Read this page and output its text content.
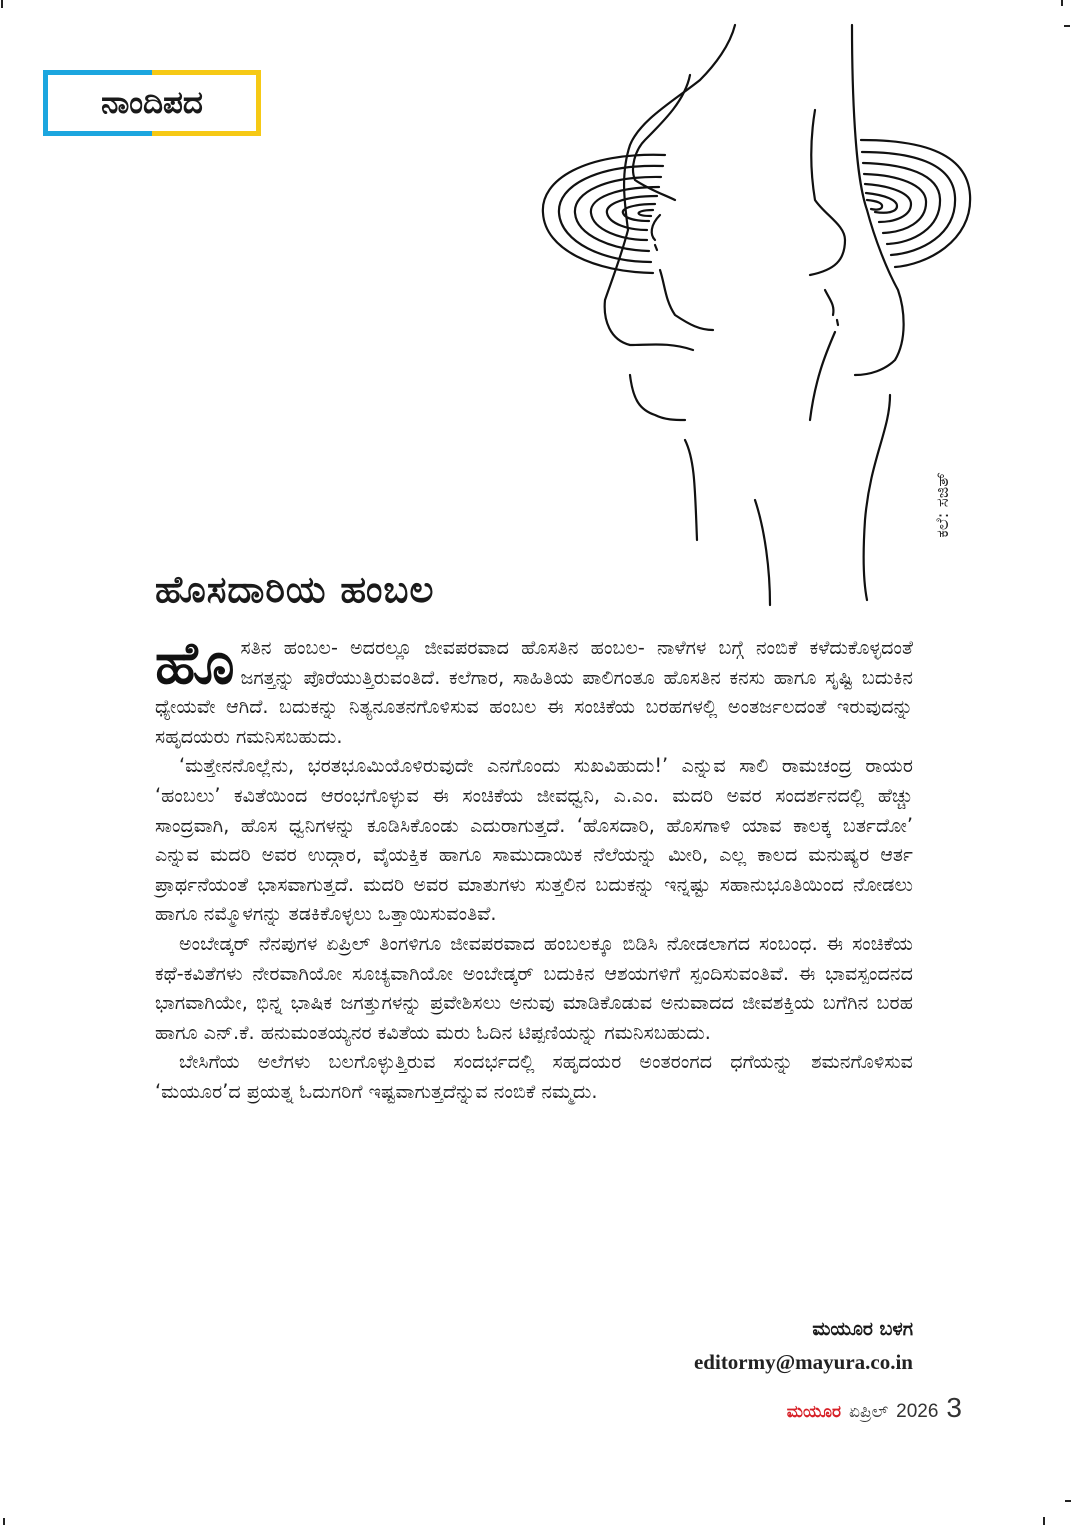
ನಾಂದಿಪದ
ಕಲೆ: ಸಜಿತ್
ಹೊಸದಾರಿಯ ಹಂಬಲ

ಹೊಸತಿನ ಹಂಬಲ- ಅದರಲ್ಲೂ ಜೀವಪರವಾದ ಹೊಸತಿನ ಹಂಬಲ- ನಾಳೆಗಳ ಬಗ್ಗೆ ನಂಬಿಕೆ ಕಳೆದುಕೊಳ್ಳದಂತೆ ಜಗತ್ತನ್ನು ಪೊರೆಯುತ್ತಿರುವಂತಿದೆ. ಕಲೆಗಾರ, ಸಾಹಿತಿಯ ಪಾಲಿಗಂತೂ ಹೊಸತಿನ ಕನಸು ಹಾಗೂ ಸೃಷ್ಟಿ ಬದುಕಿನ ಧ್ಯೇಯವೇ ಆಗಿದೆ. ಬದುಕನ್ನು ನಿತ್ಯನೂತನಗೊಳಿಸುವ ಹಂಬಲ ಈ ಸಂಚಿಕೆಯ ಬರಹಗಳಲ್ಲಿ ಅಂತರ್ಜಲದಂತೆ ಇರುವುದನ್ನು ಸಹೃದಯರು ಗಮನಿಸಬಹುದು.

‘ಮತ್ತೇನನೊಲ್ಲೆನು, ಭರತಭೂಮಿಯೊಳಿರುವುದೇ ಎನಗೊಂದು ಸುಖವಿಹುದು!’ ಎನ್ನುವ ಸಾಲಿ ರಾಮಚಂದ್ರ ರಾಯರ ‘ಹಂಬಲು’ ಕವಿತೆಯಿಂದ ಆರಂಭಗೊಳ್ಳುವ ಈ ಸಂಚಿಕೆಯ ಜೀವಧ್ವನಿ, ಎ.ಎಂ. ಮದರಿ ಅವರ ಸಂದರ್ಶನದಲ್ಲಿ ಹೆಚ್ಚು ಸಾಂದ್ರವಾಗಿ, ಹೊಸ ಧ್ವನಿಗಳನ್ನು ಕೂಡಿಸಿಕೊಂಡು ಎದುರಾಗುತ್ತದೆ. ‘ಹೊಸದಾರಿ, ಹೊಸಗಾಳಿ ಯಾವ ಕಾಲಕ್ಕ ಬರ್ತದೋ’ ಎನ್ನುವ ಮದರಿ ಅವರ ಉದ್ಗಾರ, ವೈಯಕ್ತಿಕ ಹಾಗೂ ಸಾಮುದಾಯಿಕ ನೆಲೆಯನ್ನು ಮೀರಿ, ಎಲ್ಲ ಕಾಲದ ಮನುಷ್ಯರ ಆರ್ತ ಪ್ರಾರ್ಥನೆಯಂತೆ ಭಾಸವಾಗುತ್ತದೆ. ಮದರಿ ಅವರ ಮಾತುಗಳು ಸುತ್ತಲಿನ ಬದುಕನ್ನು ಇನ್ನಷ್ಟು ಸಹಾನುಭೂತಿಯಿಂದ ನೋಡಲು ಹಾಗೂ ನಮ್ಮೊಳಗನ್ನು ತಡಕಿಕೊಳ್ಳಲು ಒತ್ತಾಯಿಸುವಂತಿವೆ.

ಅಂಬೇಡ್ಕರ್ ನೆನಪುಗಳ ಏಪ್ರಿಲ್ ತಿಂಗಳಿಗೂ ಜೀವಪರವಾದ ಹಂಬಲಕ್ಕೂ ಬಿಡಿಸಿ ನೋಡಲಾಗದ ಸಂಬಂಧ. ಈ ಸಂಚಿಕೆಯ ಕಥೆ-ಕವಿತೆಗಳು ನೇರವಾಗಿಯೋ ಸೂಚ್ಯವಾಗಿಯೋ ಅಂಬೇಡ್ಕರ್ ಬದುಕಿನ ಆಶಯಗಳಿಗೆ ಸ್ಪಂದಿಸುವಂತಿವೆ. ಈ ಭಾವಸ್ಪಂದನದ ಭಾಗವಾಗಿಯೇ, ಭಿನ್ನ ಭಾಷಿಕ ಜಗತ್ತುಗಳನ್ನು ಪ್ರವೇಶಿಸಲು ಅನುವು ಮಾಡಿಕೊಡುವ ಅನುವಾದದ ಜೀವಶಕ್ತಿಯ ಬಗೆಗಿನ ಬರಹ ಹಾಗೂ ಎನ್.ಕೆ. ಹನುಮಂತಯ್ಯನರ ಕವಿತೆಯ ಮರು ಓದಿನ ಟಿಪ್ಪಣಿಯನ್ನು ಗಮನಿಸಬಹುದು.

ಬೇಸಿಗೆಯ ಅಲೆಗಳು ಬಲಗೊಳ್ಳುತ್ತಿರುವ ಸಂದರ್ಭದಲ್ಲಿ ಸಹೃದಯರ ಅಂತರಂಗದ ಧಗೆಯನ್ನು ಶಮನಗೊಳಿಸುವ ‘ಮಯೂರ’ದ ಪ್ರಯತ್ನ ಓದುಗರಿಗೆ ಇಷ್ಟವಾಗುತ್ತದೆನ್ನುವ ನಂಬಿಕೆ ನಮ್ಮದು.

ಮಯೂರ ಬಳಗ
editormy@mayura.co.in
ಮಯೂರ ಏಪ್ರಿಲ್ 2026 3
